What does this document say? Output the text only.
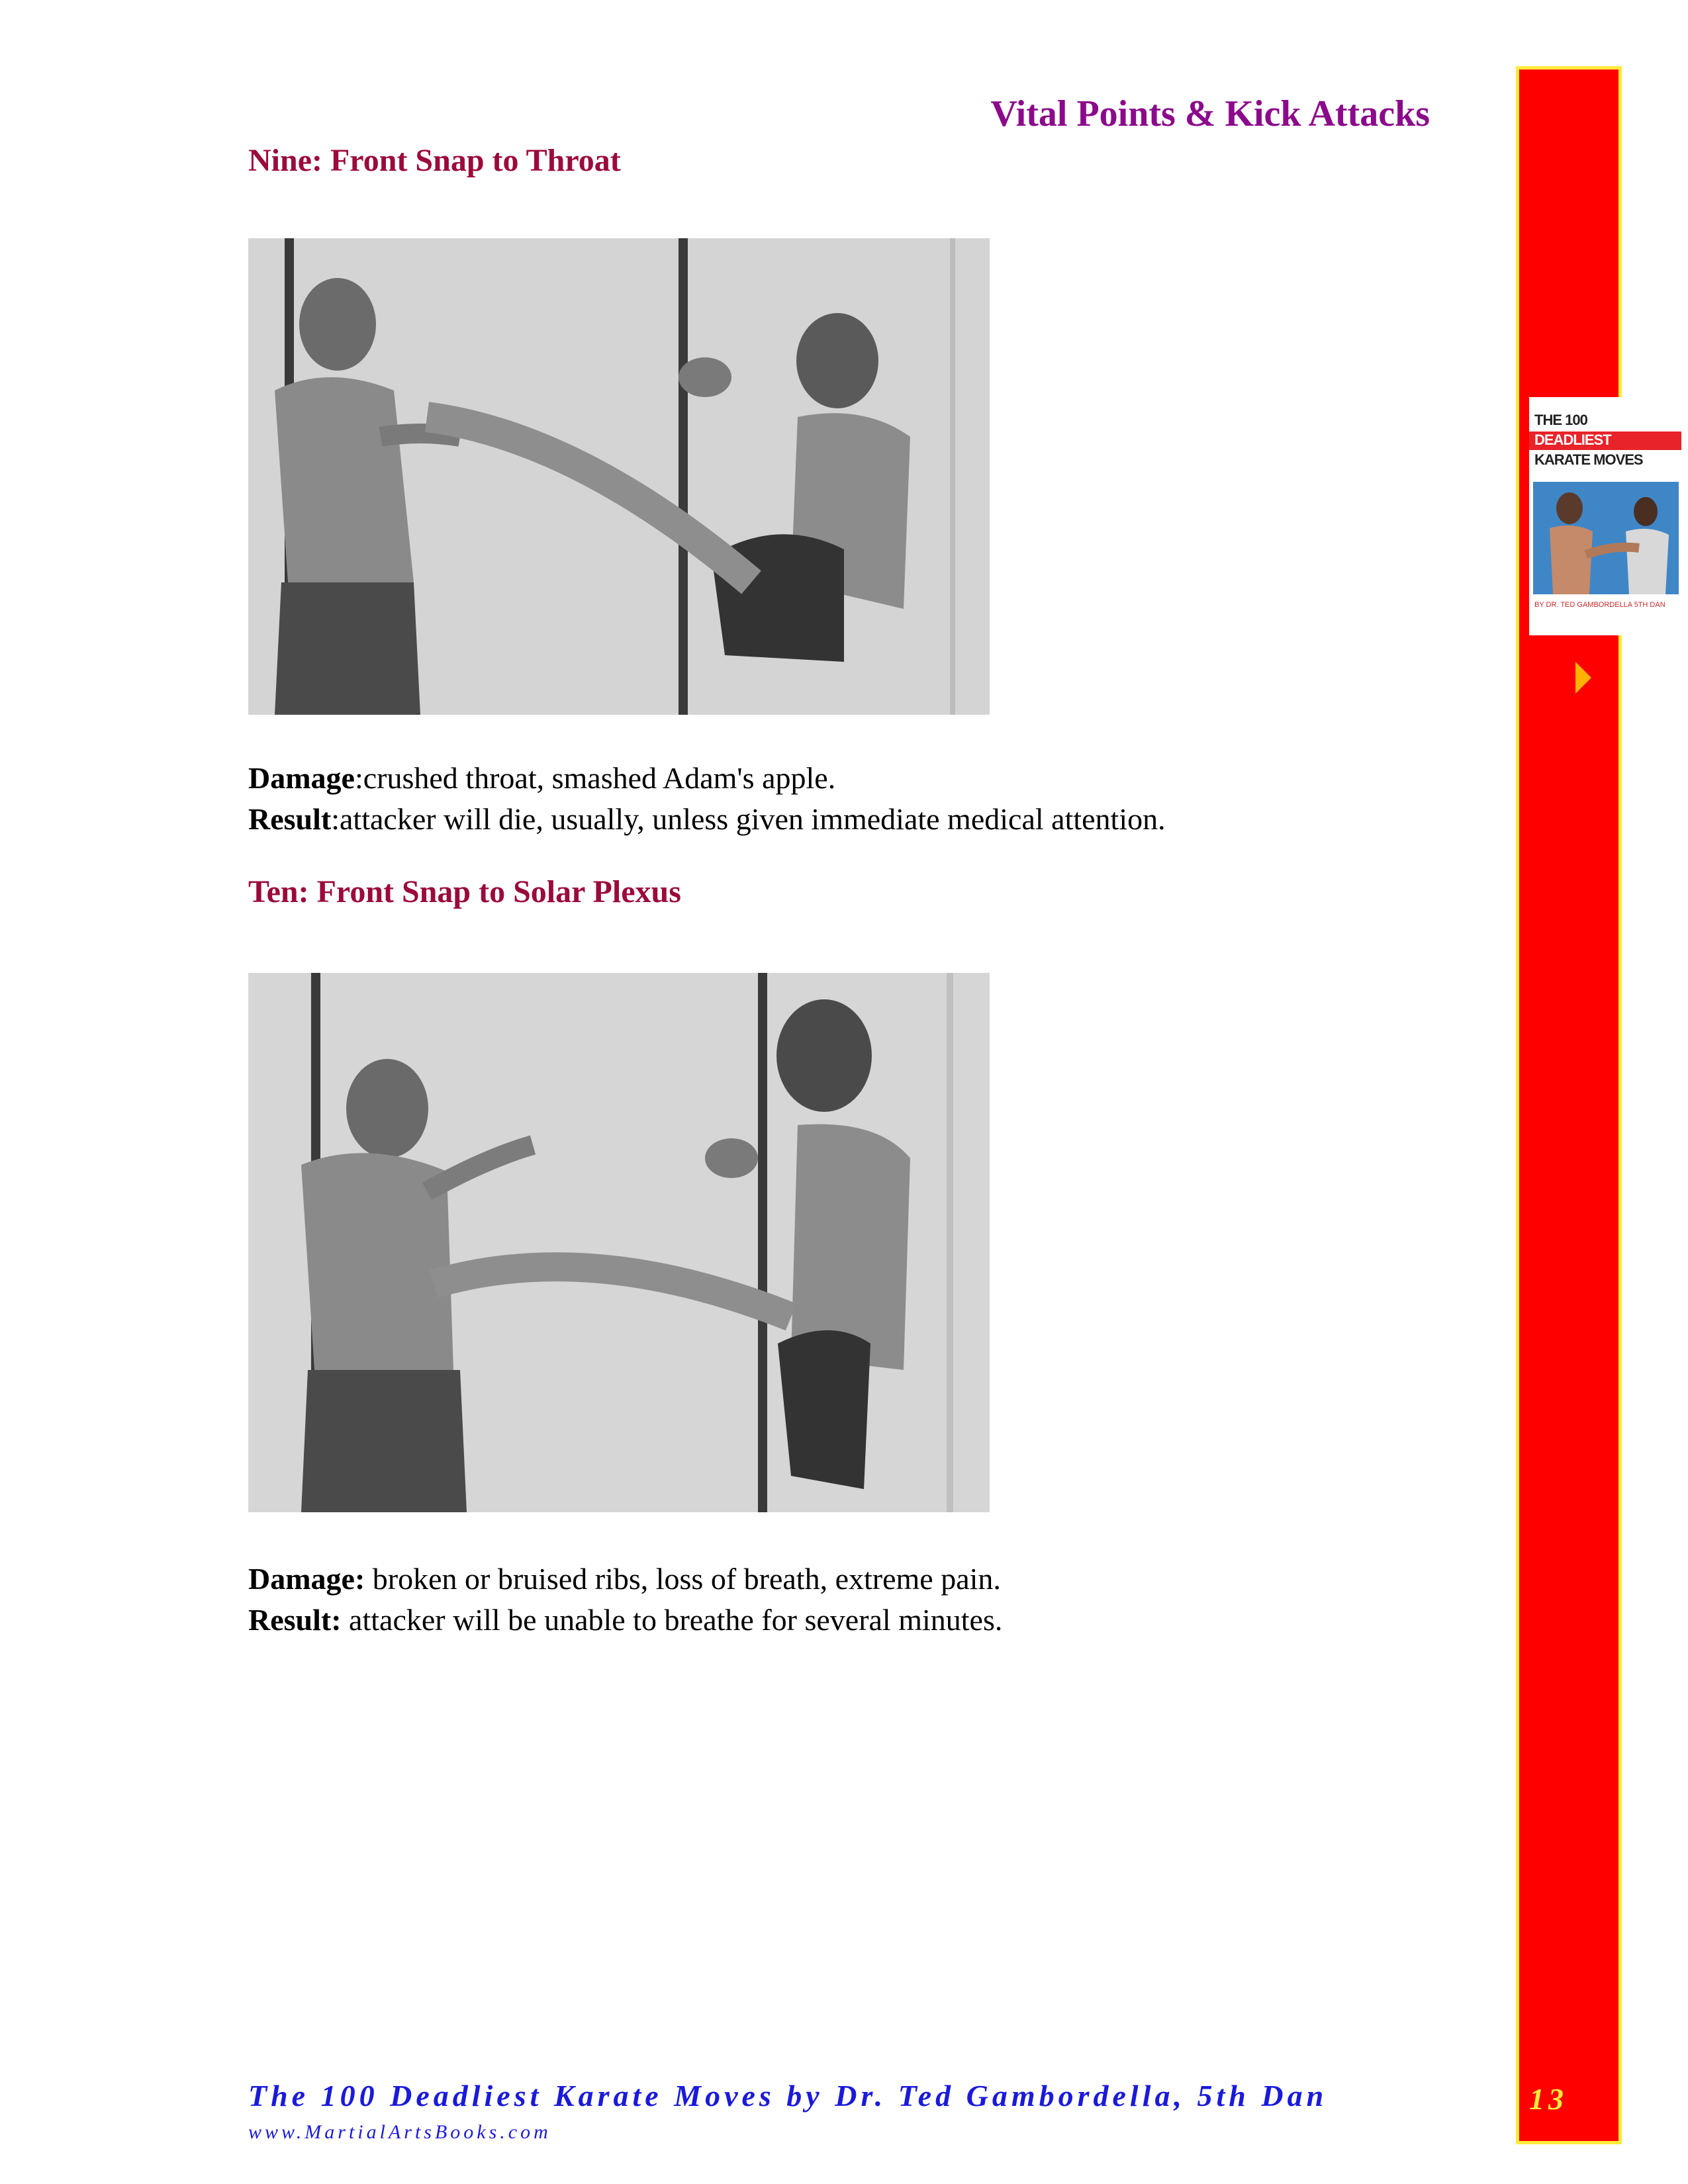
Vital Points & Kick Attacks
Nine: Front Snap to Throat
Damage:crushed throat, smashed Adam's apple.
Result:attacker will die, usually, unless given immediate medical attention.
Ten: Front Snap to Solar Plexus
Damage: broken or bruised ribs, loss of breath, extreme pain.
Result: attacker will be unable to breathe for several minutes.
THE 100
DEADLIEST
KARATE MOVES
BY DR. TED GAMBORDELLA 5TH DAN
13
The 100 Deadliest Karate Moves by Dr. Ted Gambordella, 5th Dan
www.MartialArtsBooks.com
